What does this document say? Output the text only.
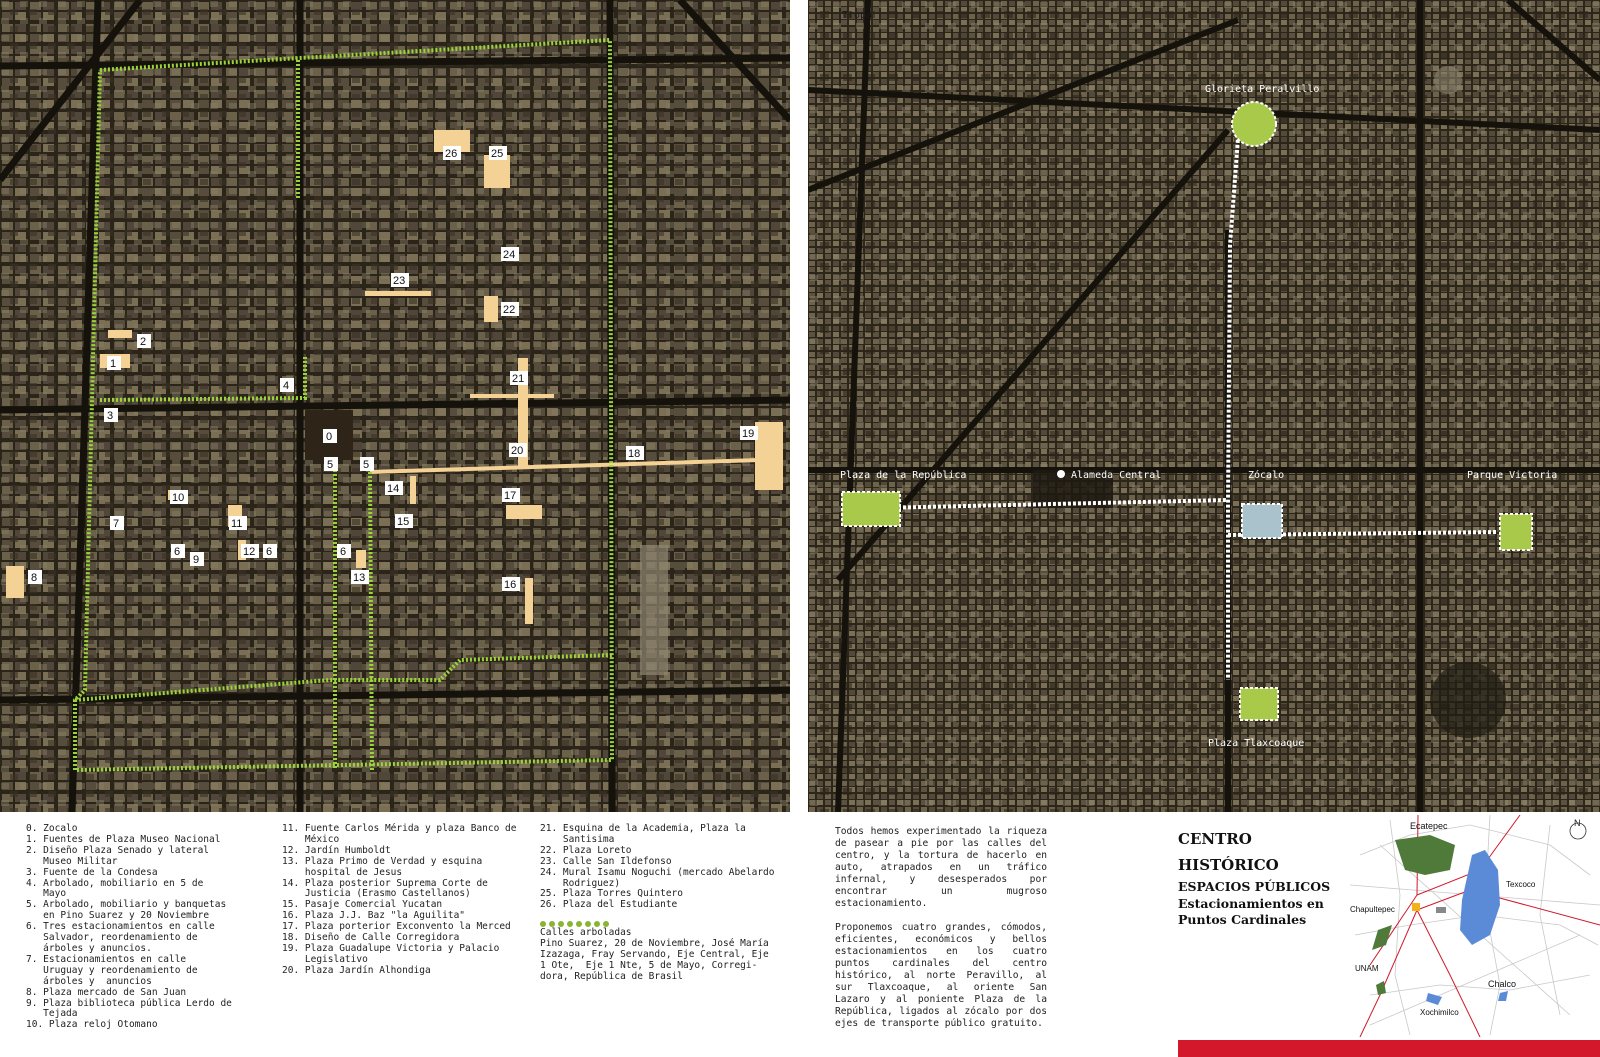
0
1
2
3
4
5	5
6	6	6
7
8
9
10
11
12
13
14
15
16
17
18
19
20
21
22
23
24
25
26
Tropa
Glorieta Peralvillo
Plaza de la República	Alameda Central	Zócalo	Parque Victoria
Plaza Tlaxcoaque
0. Zocalo
1. Fuentes de Plaza Museo Nacional
2. Diseño Plaza Senado y lateral
Museo Militar
3. Fuente de la Condesa
4. Arbolado, mobiliario en 5 de
Mayo
5. Arbolado, mobiliario y banquetas
en Pino Suarez y 20 Noviembre
6. Tres estacionamientos en calle
Salvador, reordenamiento de
árboles y anuncios.
7. Estacionamientos en calle
Uruguay y reordenamiento de
árboles y  anuncios
8. Plaza mercado de San Juan
9. Plaza biblioteca pública Lerdo de
Tejada
10. Plaza reloj Otomano
11. Fuente Carlos Mérida y plaza Banco de
México
12. Jardín Humboldt
13. Plaza Primo de Verdad y esquina
hospital de Jesus
14. Plaza posterior Suprema Corte de
Justicia (Erasmo Castellanos)
15. Pasaje Comercial Yucatan
16. Plaza J.J. Baz "la Aguilita"
17. Plaza porterior Exconvento la Merced
18. Diseño de Calle Corregidora
19. Plaza Guadalupe Victoria y Palacio
Legislativo
20. Plaza Jardín Alhondiga
21. Esquina de la Academia, Plaza la
Santisima
22. Plaza Loreto
23. Calle San Ildefonso
24. Mural Isamu Noguchi (mercado Abelardo
Rodriguez)
25. Plaza Torres Quintero
26. Plaza del Estudiante
Calles arboladas
Pino Suarez, 20 de Noviembre, José María
Izazaga, Fray Servando, Eje Central, Eje
1 Ote,  Eje 1 Nte, 5 de Mayo, Corregi-
dora, República de Brasil

Todos hemos experimentado la riqueza de pasear a pie por las calles del centro, y la tortura de hacerlo en auto, atrapados en un tráfico infernal, y desesperados por encontrar un mugroso estacionamiento.

Proponemos cuatro grandes, cómodos, eficientes, económicos y bellos estacionamientos en los cuatro puntos cardinales del centro histórico, al norte Peravillo, al sur Tlaxcoaque, al oriente San Lazaro y al poniente Plaza de la República, ligados al zócalo por dos ejes de transporte público gratuito.

CENTRO HISTÓRICO
ESPACIOS PÚBLICOS
Estacionamientos en Puntos Cardinales
N
Ecatepec
Texcoco
Chapultepec
UNAM
Chalco
Xochimilco
